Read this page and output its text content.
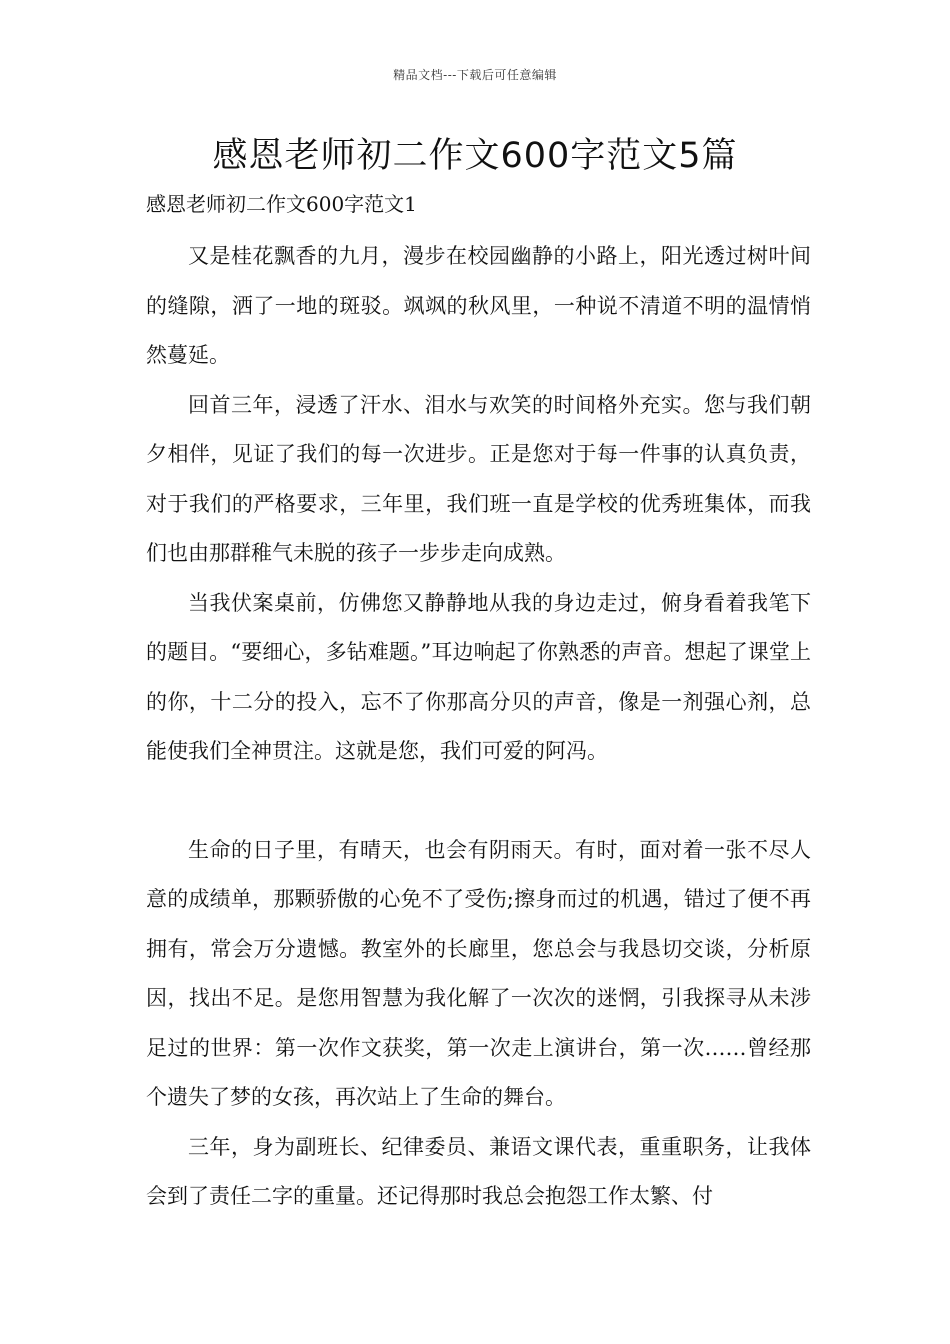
精品文档---下载后可任意编辑
感恩老师初二作文600字范文5篇

感恩老师初二作文600字范文1

又是桂花飘香的九月，漫步在校园幽静的小路上，阳光透过树叶间的缝隙，洒了一地的斑驳。飒飒的秋风里，一种说不清道不明的温情悄然蔓延。

回首三年，浸透了汗水、泪水与欢笑的时间格外充实。您与我们朝夕相伴，见证了我们的每一次进步。正是您对于每一件事的认真负责，对于我们的严格要求，三年里，我们班一直是学校的优秀班集体，而我们也由那群稚气未脱的孩子一步步走向成熟。

当我伏案桌前，仿佛您又静静地从我的身边走过，俯身看着我笔下的题目。“要细心，多钻难题。”耳边响起了你熟悉的声音。想起了课堂上的你，十二分的投入，忘不了你那高分贝的声音，像是一剂强心剂，总能使我们全神贯注。这就是您，我们可爱的阿冯。

生命的日子里，有晴天，也会有阴雨天。有时，面对着一张不尽人意的成绩单，那颗骄傲的心免不了受伤;擦身而过的机遇，错过了便不再拥有，常会万分遗憾。教室外的长廊里，您总会与我恳切交谈，分析原因，找出不足。是您用智慧为我化解了一次次的迷惘，引我探寻从未涉足过的世界：第一次作文获奖，第一次走上演讲台，第一次……曾经那个遗失了梦的女孩，再次站上了生命的舞台。

三年，身为副班长、纪律委员、兼语文课代表，重重职务，让我体会到了责任二字的重量。还记得那时我总会抱怨工作太繁、付
